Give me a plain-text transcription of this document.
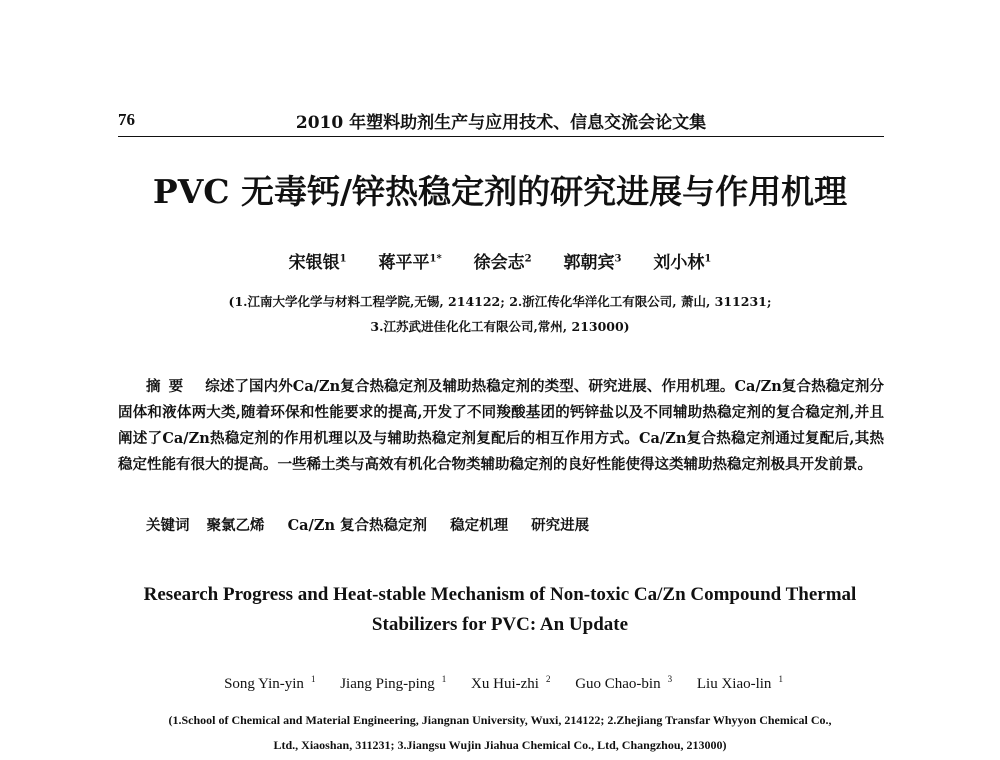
76	2010 年塑料助剂生产与应用技术、信息交流会论文集
PVC 无毒钙/锌热稳定剂的研究进展与作用机理
宋银银$^1$ 蒋平平$^{1*}$ 徐会志$^2$ 郭朝宾$^3$ 刘小林$^1$
(1.江南大学化学与材料工程学院,无锡, 214122; 2.浙江传化华洋化工有限公司, 萧山, 311231;
3.江苏武进佳化化工有限公司,常州, 213000)

摘要 综述了国内外Ca/Zn复合热稳定剂及辅助热稳定剂的类型、研究进展、作用机理。Ca/Zn复合热稳定剂分固体和液体两大类,随着环保和性能要求的提高,开发了不同羧酸基团的钙锌盐以及不同辅助热稳定剂的复合稳定剂,并且阐述了Ca/Zn热稳定剂的作用机理以及与辅助热稳定剂复配后的相互作用方式。Ca/Zn复合热稳定剂通过复配后,其热稳定性能有很大的提高。一些稀土类与高效有机化合物类辅助稳定剂的良好性能使得这类辅助热稳定剂极具开发前景。

关键词 聚氯乙烯 Ca/Zn 复合热稳定剂 稳定机理 研究进展
Research Progress and Heat-stable Mechanism of Non-toxic Ca/Zn Compound Thermal
Stabilizers for PVC: An Update
Song Yin-yin $^1$ Jiang Ping-ping $^1$ Xu Hui-zhi $^2$ Guo Chao-bin $^3$ Liu Xiao-lin $^1$
(1.School of Chemical and Material Engineering, Jiangnan University, Wuxi, 214122; 2.Zhejiang Transfar Whyyon Chemical Co.,
Ltd., Xiaoshan, 311231; 3.Jiangsu Wujin Jiahua Chemical Co., Ltd, Changzhou, 213000)
